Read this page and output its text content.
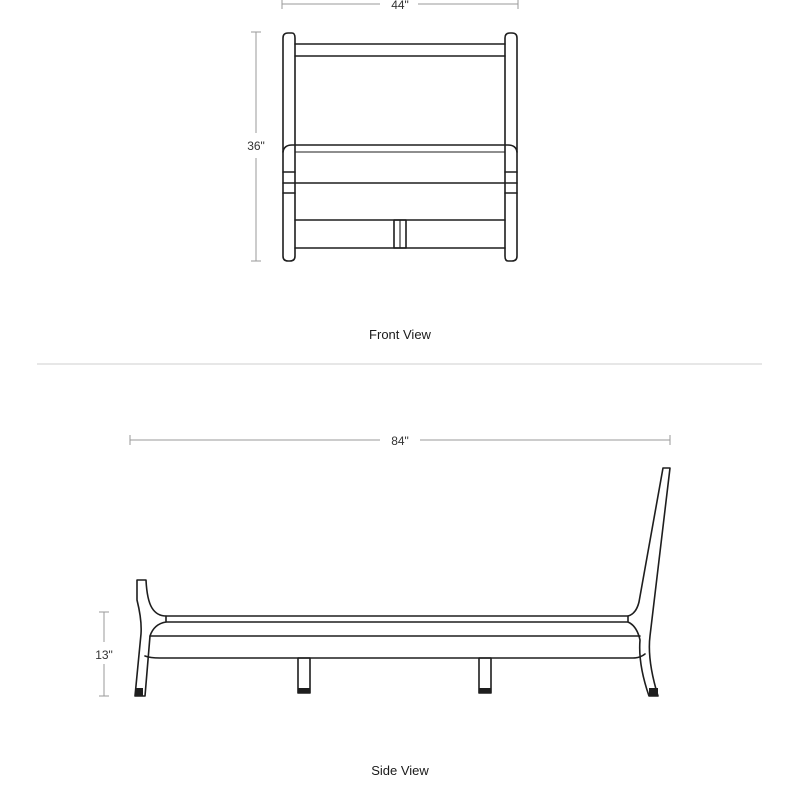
44"
36"
Front View
84"
13"
Side View
